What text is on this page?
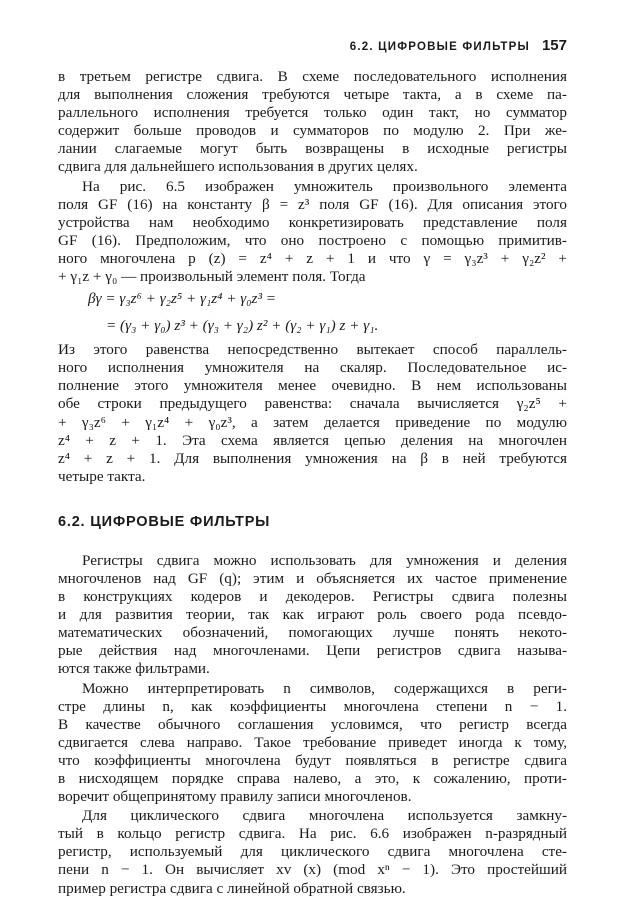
6.2. ЦИФРОВЫЕ ФИЛЬТРЫ 157

в третьем регистре сдвига. В схеме последовательного исполнения

для выполнения сложения требуются четыре такта, а в схеме па-

раллельного исполнения требуется только один такт, но сумматор

содержит больше проводов и сумматоров по модулю 2. При же-

лании слагаемые могут быть возвращены в исходные регистры

сдвига для дальнейшего использования в других целях.

На рис. 6.5 изображен умножитель произвольного элемента

поля GF (16) на константу β = z³ поля GF (16). Для описания этого

устройства нам необходимо конкретизировать представление поля

GF (16). Предположим, что оно построено с помощью примитив-

ного многочлена p (z) = z⁴ + z + 1 и что γ = γ₃z³ + γ₂z² +

+ γ₁z + γ₀ — произвольный элемент поля. Тогда

βγ = γ₃z⁶ + γ₂z⁵ + γ₁z⁴ + γ₀z³ =
= (γ₃ + γ₀) z³ + (γ₃ + γ₂) z² + (γ₂ + γ₁) z + γ₁.

Из этого равенства непосредственно вытекает способ параллель-

ного исполнения умножителя на скаляр. Последовательное ис-

полнение этого умножителя менее очевидно. В нем использованы

обе строки предыдущего равенства: сначала вычисляется γ₂z⁵ +

+ γ₃z⁶ + γ₁z⁴ + γ₀z³, а затем делается приведение по модулю

z⁴ + z + 1. Эта схема является цепью деления на многочлен

z⁴ + z + 1. Для выполнения умножения на β в ней требуются

четыре такта.

6.2. ЦИФРОВЫЕ ФИЛЬТРЫ

Регистры сдвига можно использовать для умножения и деления

многочленов над GF (q); этим и объясняется их частое применение

в конструкциях кодеров и декодеров. Регистры сдвига полезны

и для развития теории, так как играют роль своего рода псевдо-

математических обозначений, помогающих лучше понять некото-

рые действия над многочленами. Цепи регистров сдвига называ-

ются также фильтрами.

Можно интерпретировать n символов, содержащихся в реги-

стре длины n, как коэффициенты многочлена степени n − 1.

В качестве обычного соглашения условимся, что регистр всегда

сдвигается слева направо. Такое требование приведет иногда к тому,

что коэффициенты многочлена будут появляться в регистре сдвига

в нисходящем порядке справа налево, а это, к сожалению, проти-

воречит общепринятому правилу записи многочленов.

Для циклического сдвига многочлена используется замкну-

тый в кольцо регистр сдвига. На рис. 6.6 изображен n-разрядный

регистр, используемый для циклического сдвига многочлена сте-

пени n − 1. Он вычисляет xv (x) (mod xⁿ − 1). Это простейший

пример регистра сдвига с линейной обратной связью.
